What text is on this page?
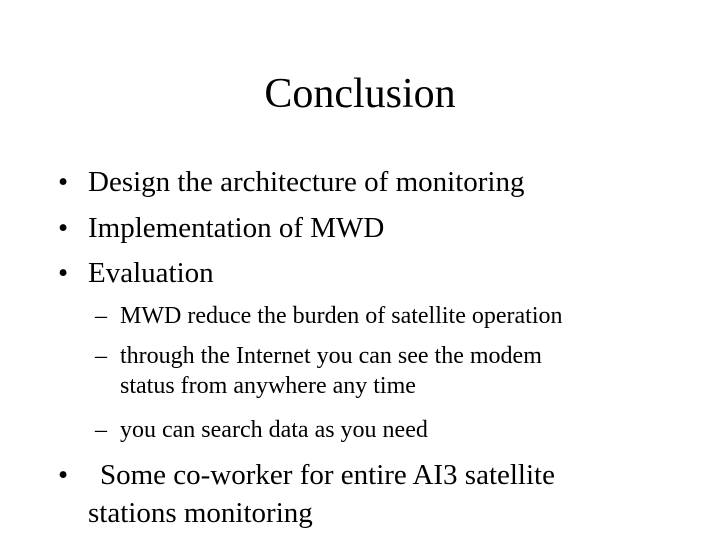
Conclusion
• Design the architecture of monitoring
• Implementation of MWD
• Evaluation
– MWD reduce the burden of satellite operation
– through the Internet you can see the modem
status from anywhere any time
– you can search data as you need
• Some co-worker for entire AI3 satellite
stations monitoring
